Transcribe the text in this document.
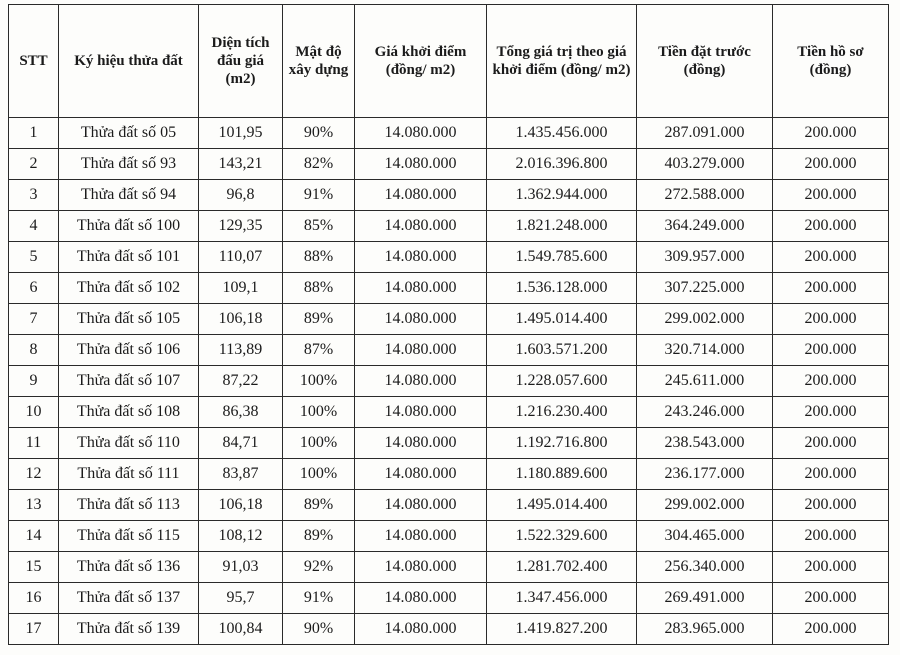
STT	Ký hiệu thửa đất	Diện tích đấu giá (m2)	Mật độ xây dựng	Giá khởi điểm (đồng/ m2)	Tổng giá trị theo giá khởi điểm (đồng/ m2)	Tiền đặt trước (đồng)	Tiền hồ sơ (đồng)
1	Thửa đất số 05	101,95	90%	14.080.000	1.435.456.000	287.091.000	200.000
2	Thửa đất số 93	143,21	82%	14.080.000	2.016.396.800	403.279.000	200.000
3	Thửa đất số 94	96,8	91%	14.080.000	1.362.944.000	272.588.000	200.000
4	Thửa đất số 100	129,35	85%	14.080.000	1.821.248.000	364.249.000	200.000
5	Thửa đất số 101	110,07	88%	14.080.000	1.549.785.600	309.957.000	200.000
6	Thửa đất số 102	109,1	88%	14.080.000	1.536.128.000	307.225.000	200.000
7	Thửa đất số 105	106,18	89%	14.080.000	1.495.014.400	299.002.000	200.000
8	Thửa đất số 106	113,89	87%	14.080.000	1.603.571.200	320.714.000	200.000
9	Thửa đất số 107	87,22	100%	14.080.000	1.228.057.600	245.611.000	200.000
10	Thửa đất số 108	86,38	100%	14.080.000	1.216.230.400	243.246.000	200.000
11	Thửa đất số 110	84,71	100%	14.080.000	1.192.716.800	238.543.000	200.000
12	Thửa đất số 111	83,87	100%	14.080.000	1.180.889.600	236.177.000	200.000
13	Thửa đất số 113	106,18	89%	14.080.000	1.495.014.400	299.002.000	200.000
14	Thửa đất số 115	108,12	89%	14.080.000	1.522.329.600	304.465.000	200.000
15	Thửa đất số 136	91,03	92%	14.080.000	1.281.702.400	256.340.000	200.000
16	Thửa đất số 137	95,7	91%	14.080.000	1.347.456.000	269.491.000	200.000
17	Thửa đất số 139	100,84	90%	14.080.000	1.419.827.200	283.965.000	200.000
